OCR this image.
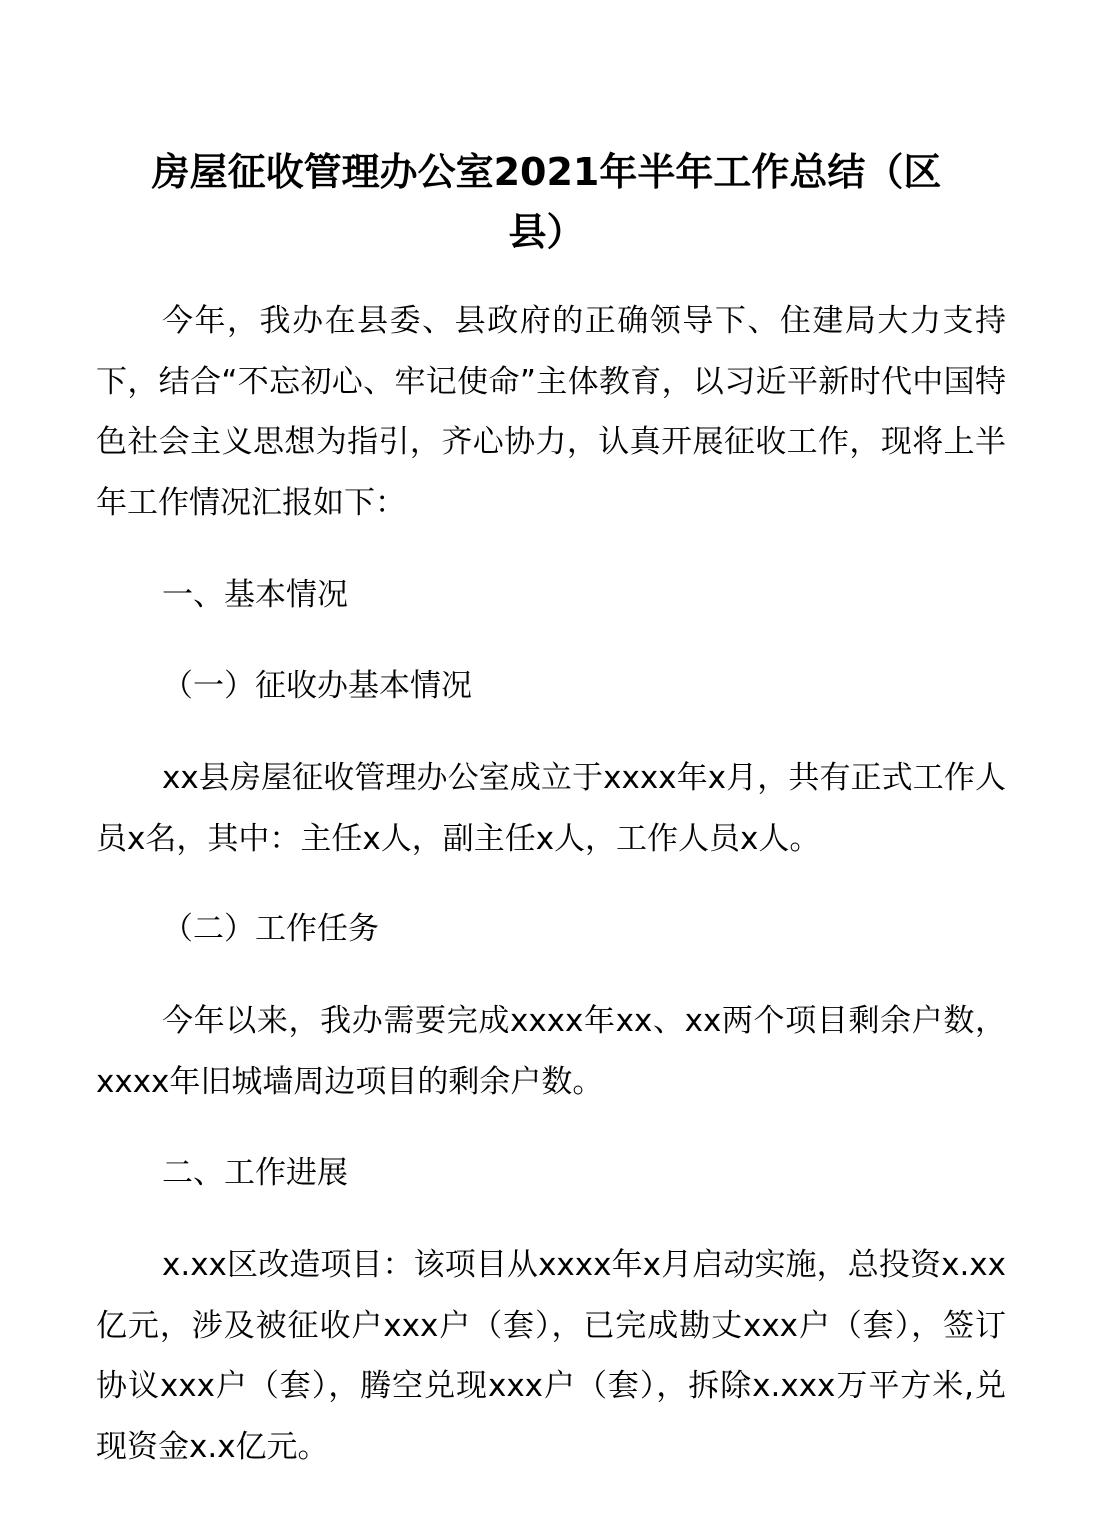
房屋征收管理办公室2021年半年工作总结（区
县）
今年，我办在县委、县政府的正确领导下、住建局大力支持下，结合“不忘初心、牢记使命”主体教育，以习近平新时代中国特色社会主义思想为指引，齐心协力，认真开展征收工作，现将上半年工作情况汇报如下：
一、基本情况
（一）征收办基本情况
xx县房屋征收管理办公室成立于xxxx年x月，共有正式工作人员x名，其中：主任x人，副主任x人，工作人员x人。
（二）工作任务
今年以来，我办需要完成xxxx年xx、xx两个项目剩余户数，xxxx年旧城墙周边项目的剩余户数。
二、工作进展
x.xx区改造项目：该项目从xxxx年x月启动实施，总投资x.xx亿元，涉及被征收户xxx户（套），已完成勘丈xxx户（套），签订协议xxx户（套），腾空兑现xxx户（套），拆除x.xxx万平方米,兑现资金x.x亿元。
